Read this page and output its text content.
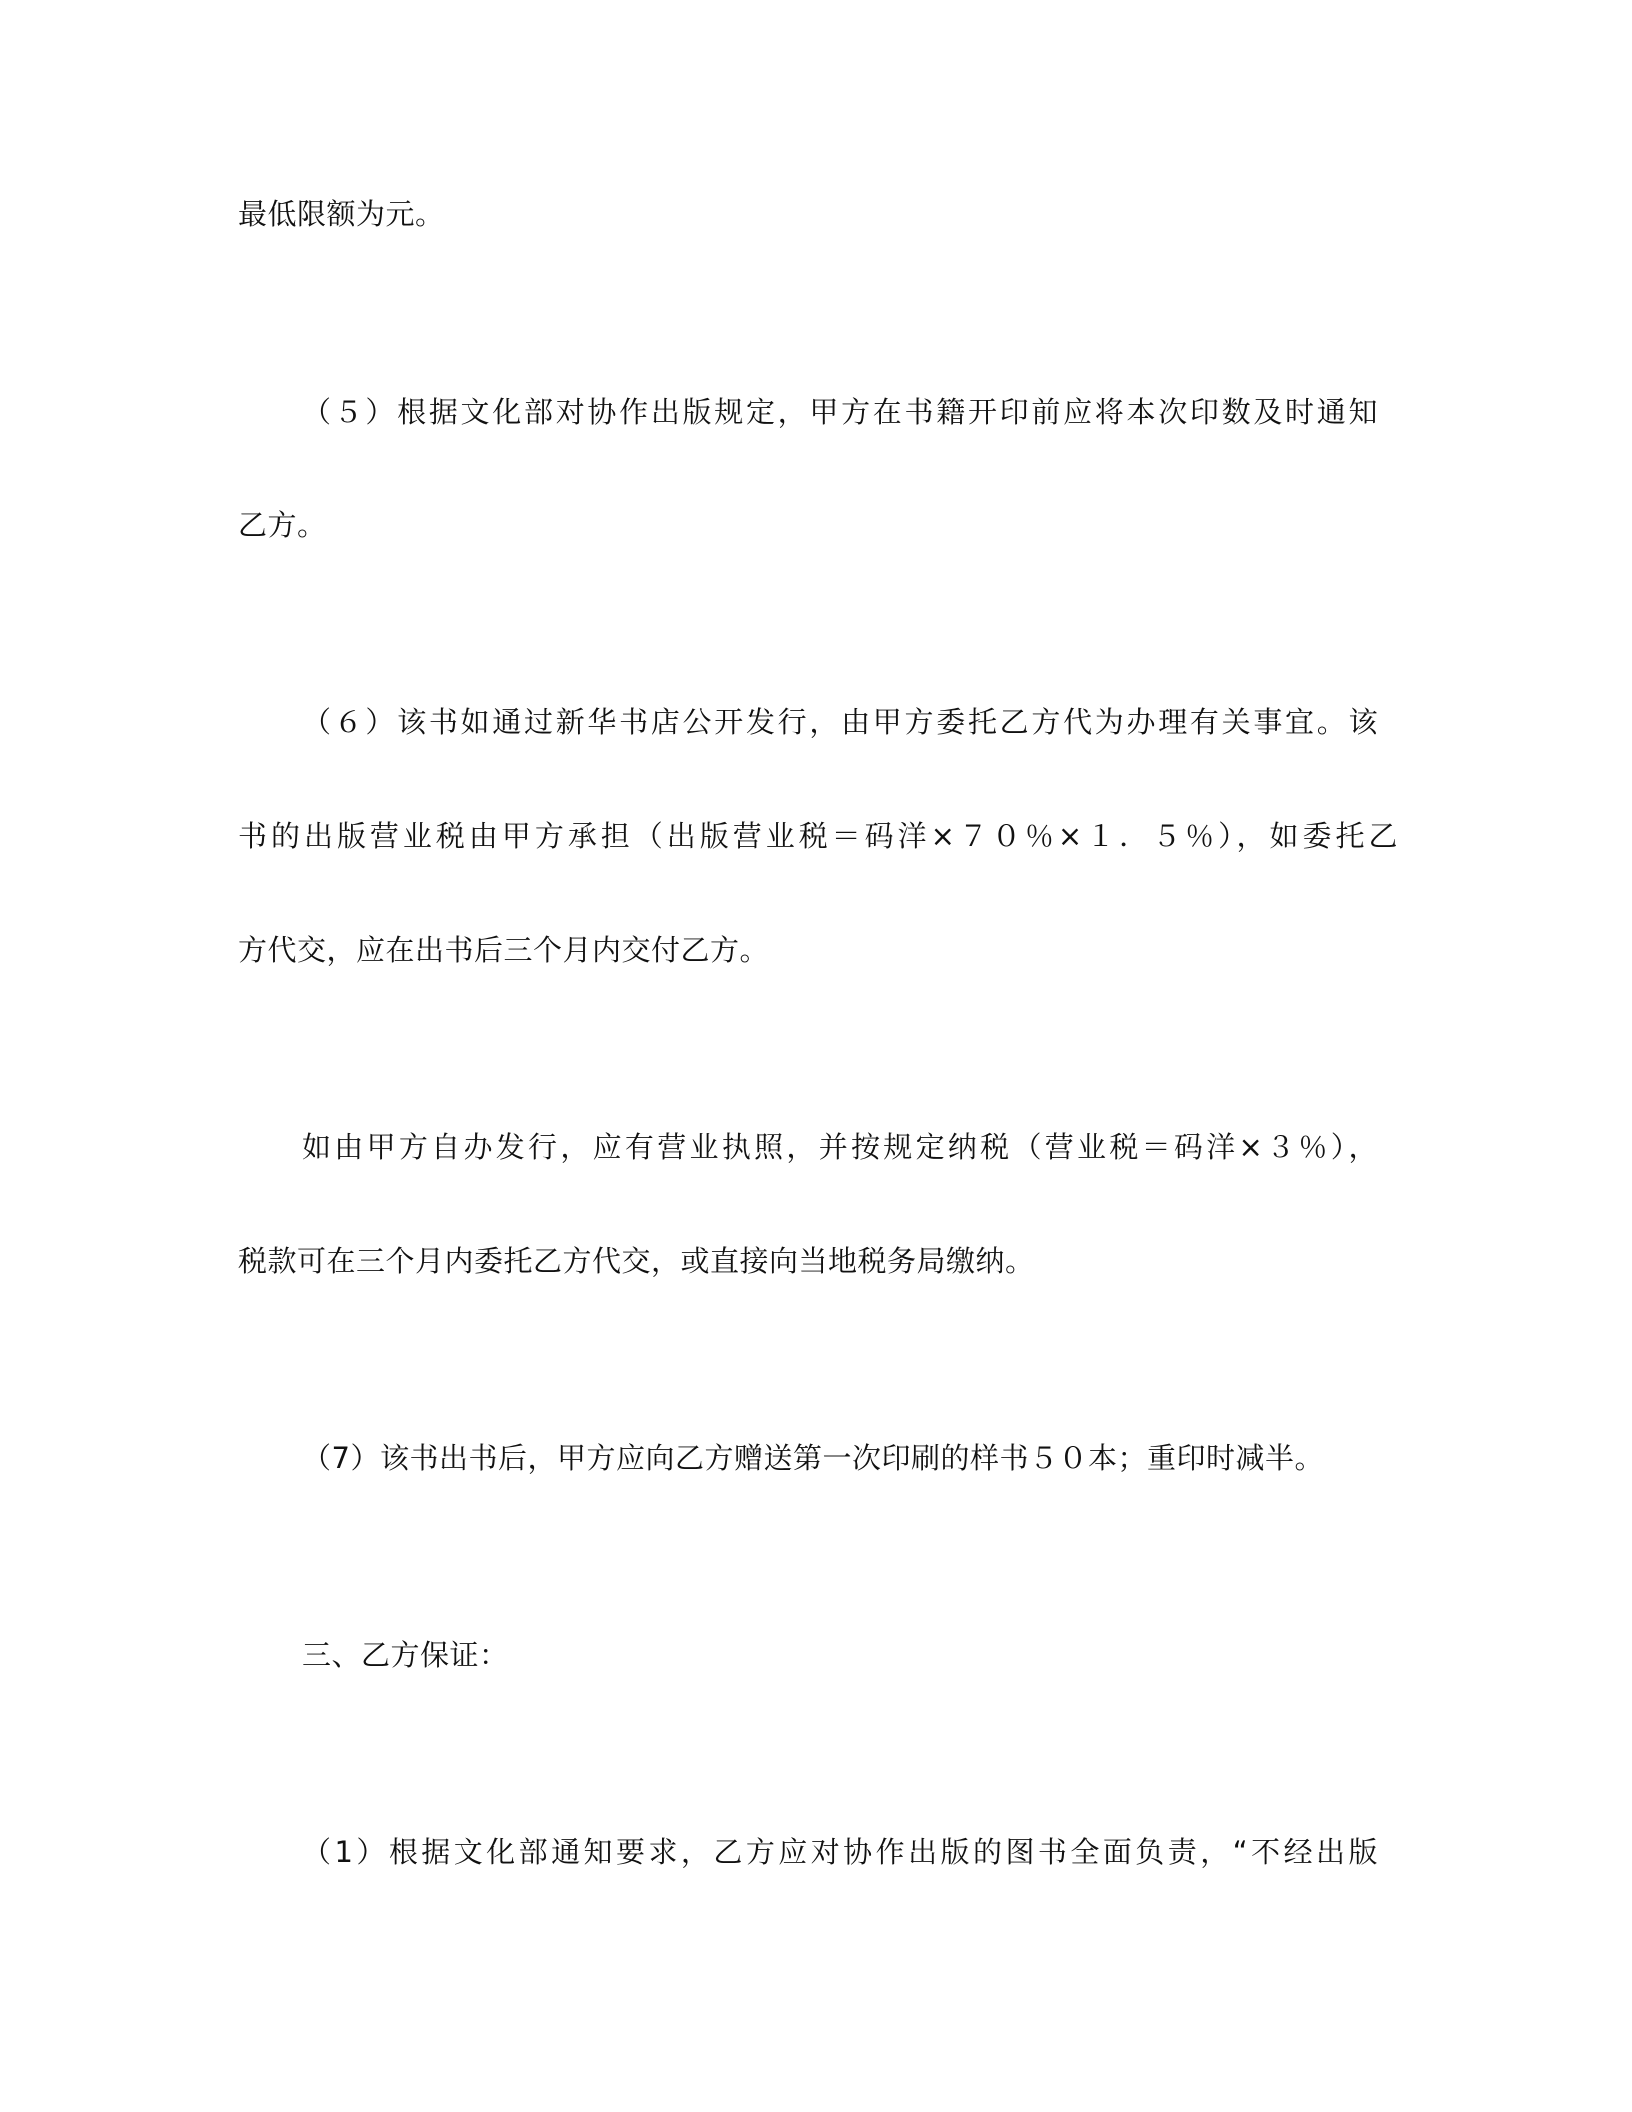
最低限额为元。
（５）根据文化部对协作出版规定，甲方在书籍开印前应将本次印数及时通知
乙方。
（６）该书如通过新华书店公开发行，由甲方委托乙方代为办理有关事宜。该
书的出版营业税由甲方承担（出版营业税＝码洋×７０％×１．５％），如委托乙
方代交，应在出书后三个月内交付乙方。
如由甲方自办发行，应有营业执照，并按规定纳税（营业税＝码洋×３％），
税款可在三个月内委托乙方代交，或直接向当地税务局缴纳。
（7）该书出书后，甲方应向乙方赠送第一次印刷的样书５０本；重印时减半。
三、乙方保证：
（1）根据文化部通知要求，乙方应对协作出版的图书全面负责，“不经出版
